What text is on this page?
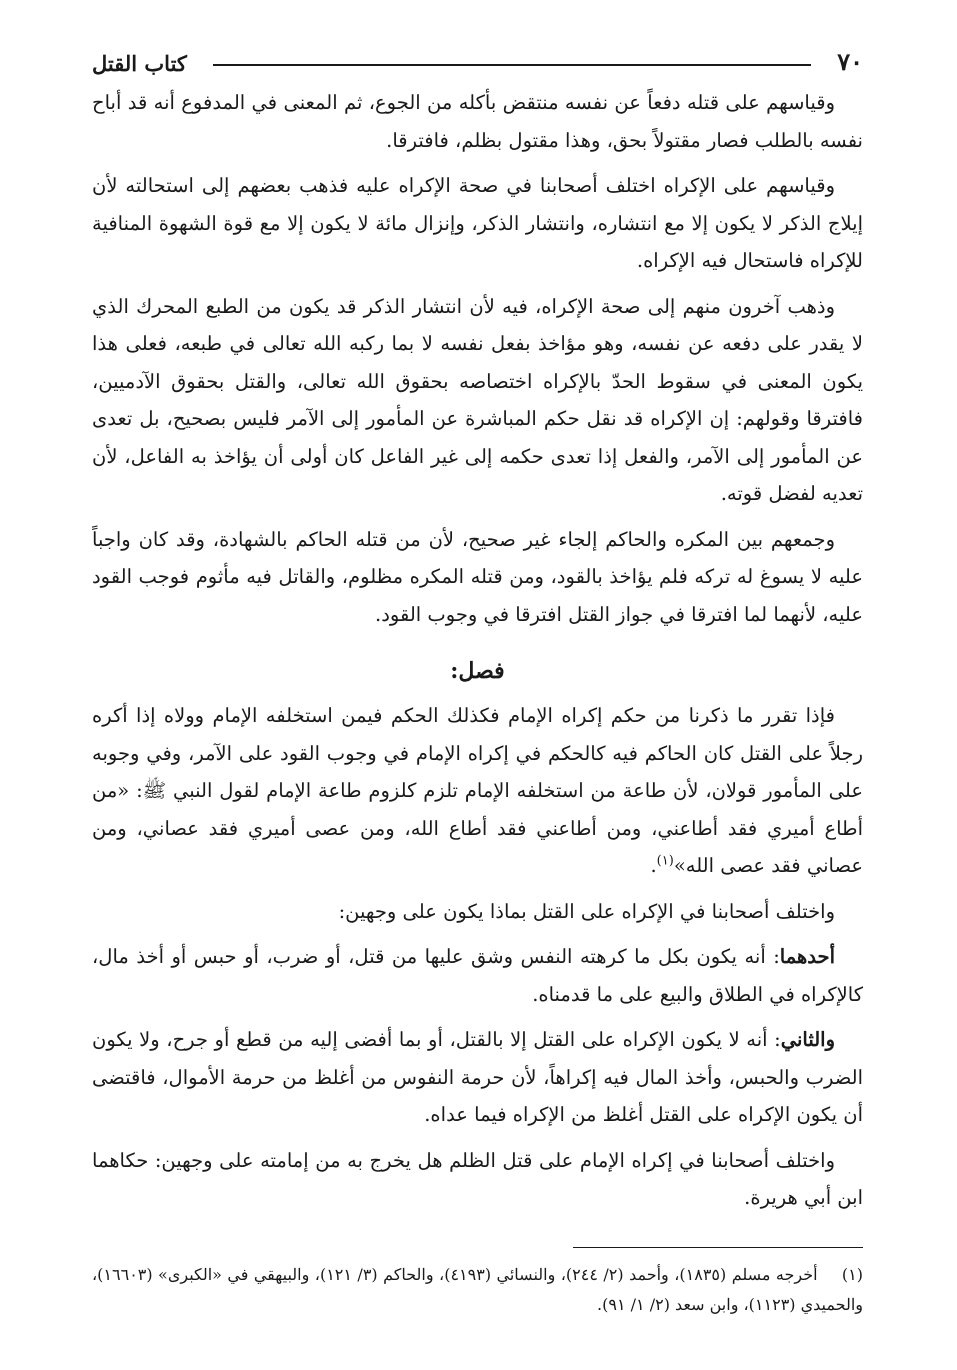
٧٠
كتاب القتل

وقياسهم على قتله دفعاً عن نفسه منتقض بأكله من الجوع، ثم المعنى في المدفوع أنه قد أباح نفسه بالطلب فصار مقتولاً بحق، وهذا مقتول بظلم، فافترقا.

وقياسهم على الإكراه اختلف أصحابنا في صحة الإكراه عليه فذهب بعضهم إلى استحالته لأن إيلاج الذكر لا يكون إلا مع انتشاره، وانتشار الذكر، وإنزال مائة لا يكون إلا مع قوة الشهوة المنافية للإكراه فاستحال فيه الإكراه.

وذهب آخرون منهم إلى صحة الإكراه، فيه لأن انتشار الذكر قد يكون من الطبع المحرك الذي لا يقدر على دفعه عن نفسه، وهو مؤاخذ بفعل نفسه لا بما ركبه الله تعالى في طبعه، فعلى هذا يكون المعنى في سقوط الحدّ بالإكراه اختصاصه بحقوق الله تعالى، والقتل بحقوق الآدميين، فافترقا وقولهم: إن الإكراه قد نقل حكم المباشرة عن المأمور إلى الآمر فليس بصحيح، بل تعدى عن المأمور إلى الآمر، والفعل إذا تعدى حكمه إلى غير الفاعل كان أولى أن يؤاخذ به الفاعل، لأن تعديه لفضل قوته.

وجمعهم بين المكره والحاكم إلجاء غير صحيح، لأن من قتله الحاكم بالشهادة، وقد كان واجباً عليه لا يسوغ له تركه فلم يؤاخذ بالقود، ومن قتله المكره مظلوم، والقاتل فيه مأثوم فوجب القود عليه، لأنهما لما افترقا في جواز القتل افترقا في وجوب القود.

فصل:

فإذا تقرر ما ذكرنا من حكم إكراه الإمام فكذلك الحكم فيمن استخلفه الإمام وولاه إذا أكره رجلاً على القتل كان الحاكم فيه كالحكم في إكراه الإمام في وجوب القود على الآمر، وفي وجوبه على المأمور قولان، لأن طاعة من استخلفه الإمام تلزم كلزوم طاعة الإمام لقول النبي ﷺ: «من أطاع أميري فقد أطاعني، ومن أطاعني فقد أطاع الله، ومن عصى أميري فقد عصاني، ومن عصاني فقد عصى الله»$^{(١)}$.

واختلف أصحابنا في الإكراه على القتل بماذا يكون على وجهين:

أحدهما: أنه يكون بكل ما كرهته النفس وشق عليها من قتل، أو ضرب، أو حبس أو أخذ مال، كالإكراه في الطلاق والبيع على ما قدمناه.

والثاني: أنه لا يكون الإكراه على القتل إلا بالقتل، أو بما أفضى إليه من قطع أو جرح، ولا يكون الضرب والحبس، وأخذ المال فيه إكراهاً، لأن حرمة النفوس من أغلظ من حرمة الأموال، فاقتضى أن يكون الإكراه على القتل أغلظ من الإكراه فيما عداه.

واختلف أصحابنا في إكراه الإمام على قتل الظلم هل يخرج به من إمامته على وجهين: حكاهما ابن أبي هريرة.

(١) أخرجه مسلم (١٨٣٥)، وأحمد (٢/ ٢٤٤)، والنسائي (٤١٩٣)، والحاكم (٣/ ١٢١)، والبيهقي في «الكبرى» (١٦٦٠٣)، والحميدي (١١٢٣)، وابن سعد (٢/ ١/ ٩١).
